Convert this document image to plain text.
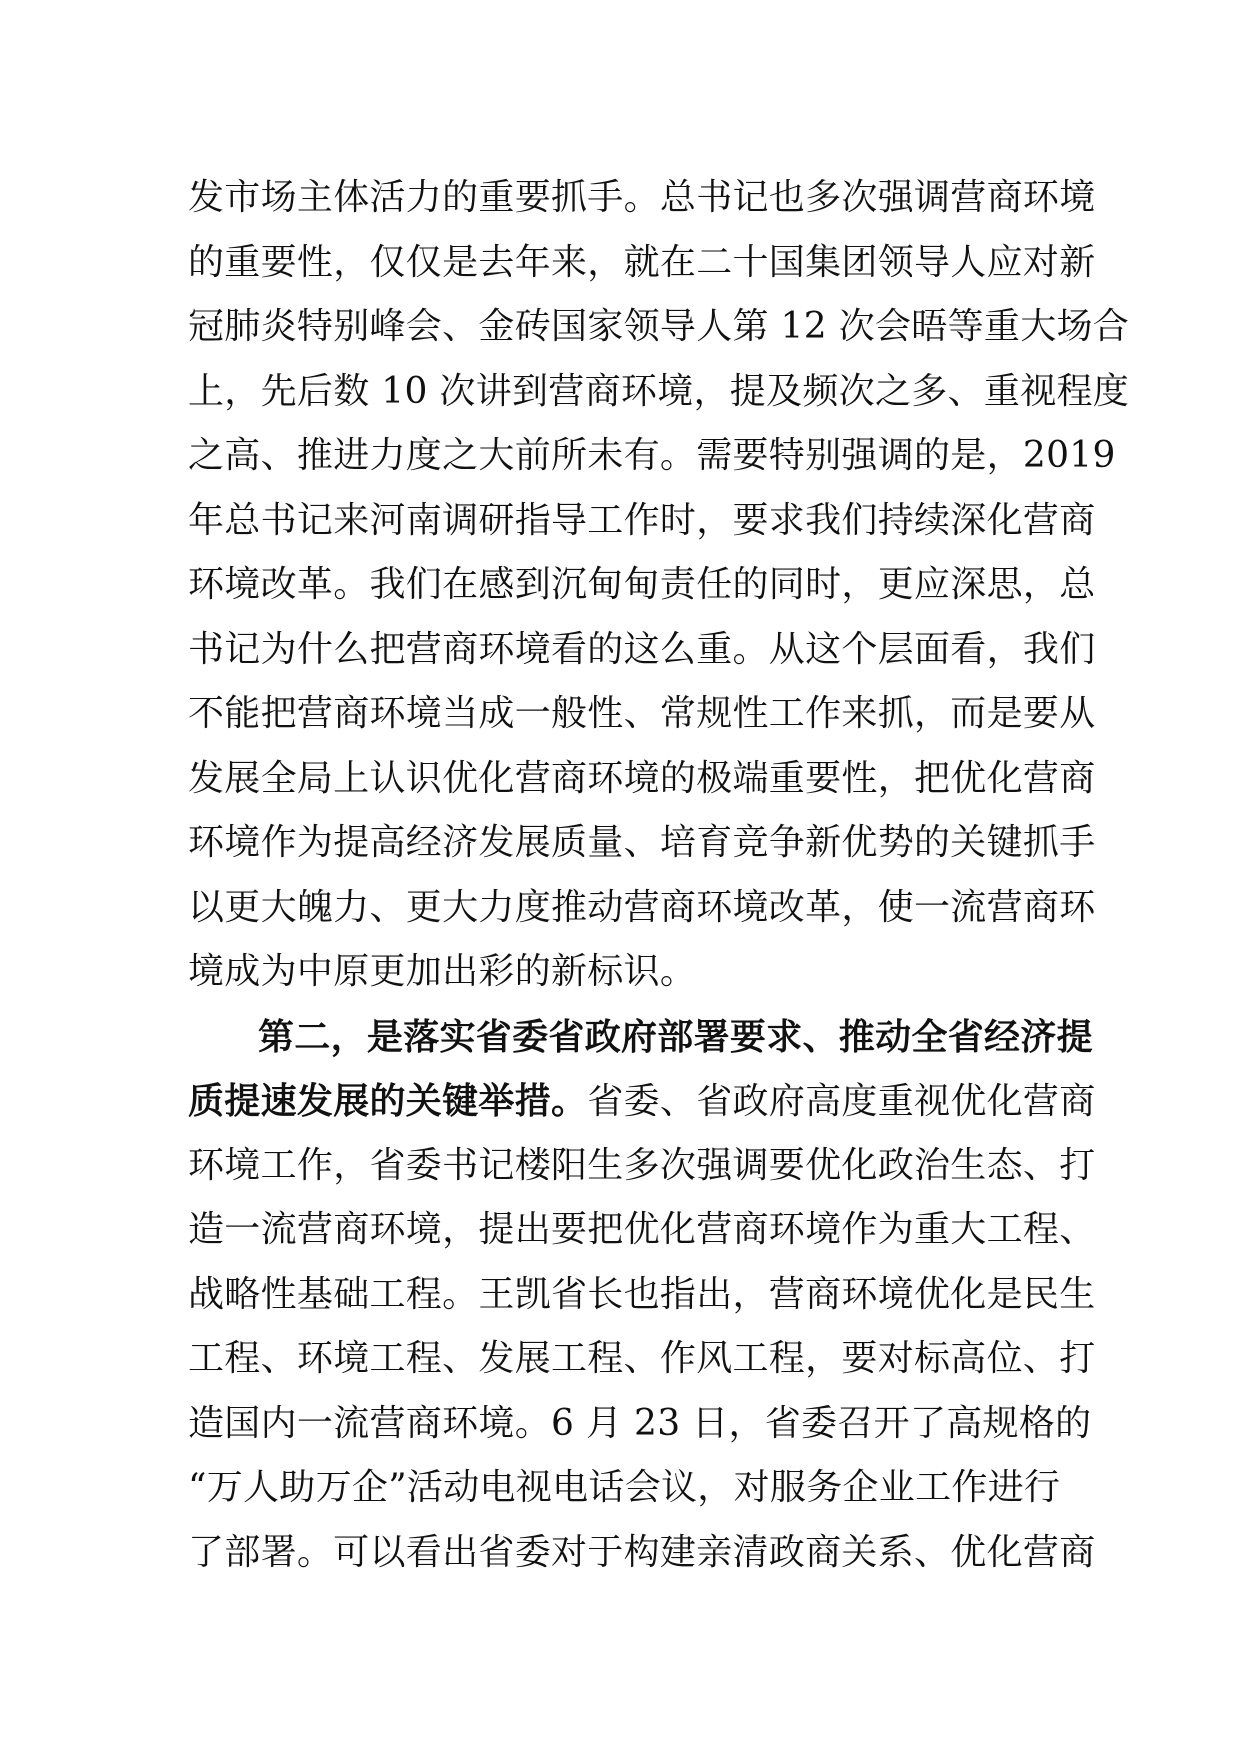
发市场主体活力的重要抓手。总书记也多次强调营商环境
的重要性，仅仅是去年来，就在二十国集团领导人应对新
冠肺炎特别峰会、金砖国家领导人第 12 次会晤等重大场合
上，先后数 10 次讲到营商环境，提及频次之多、重视程度
之高、推进力度之大前所未有。需要特别强调的是，2019
年总书记来河南调研指导工作时，要求我们持续深化营商
环境改革。我们在感到沉甸甸责任的同时，更应深思，总
书记为什么把营商环境看的这么重。从这个层面看，我们
不能把营商环境当成一般性、常规性工作来抓，而是要从
发展全局上认识优化营商环境的极端重要性，把优化营商
环境作为提高经济发展质量、培育竞争新优势的关键抓手
以更大魄力、更大力度推动营商环境改革，使一流营商环
境成为中原更加出彩的新标识。
第二，是落实省委省政府部署要求、推动全省经济提
质提速发展的关键举措。省委、省政府高度重视优化营商
环境工作，省委书记楼阳生多次强调要优化政治生态、打
造一流营商环境，提出要把优化营商环境作为重大工程、
战略性基础工程。王凯省长也指出，营商环境优化是民生
工程、环境工程、发展工程、作风工程，要对标高位、打
造国内一流营商环境。6 月 23 日，省委召开了高规格的
“万人助万企”活动电视电话会议，对服务企业工作进行
了部署。可以看出省委对于构建亲清政商关系、优化营商
